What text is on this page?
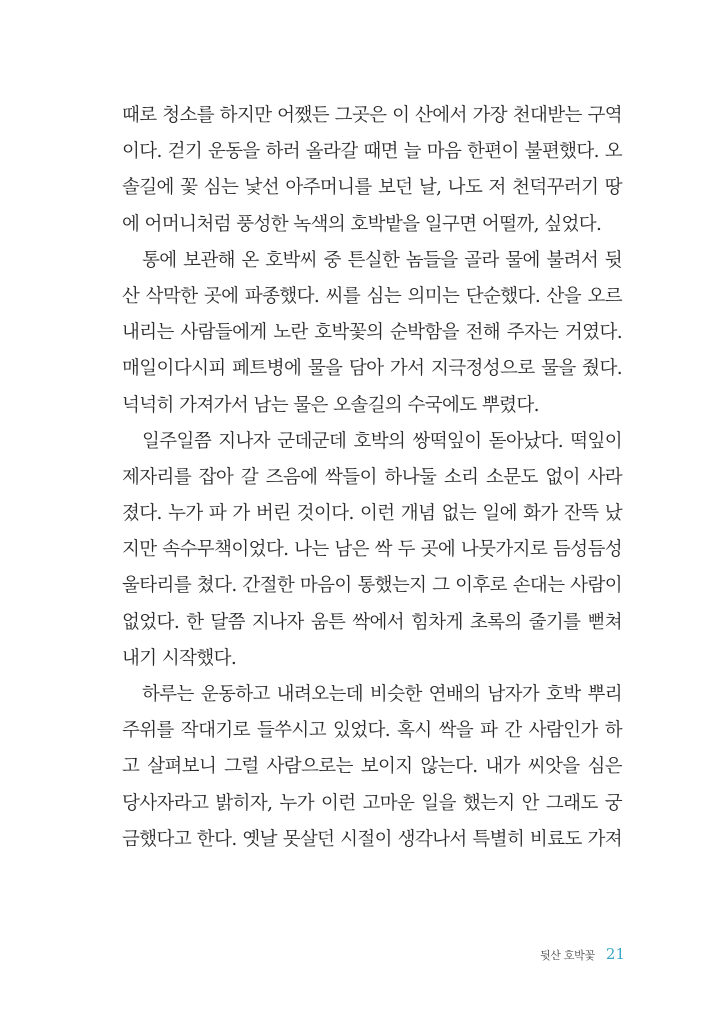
때로 청소를 하지만 어쨌든 그곳은 이 산에서 가장 천대받는 구역
이다. 걷기 운동을 하러 올라갈 때면 늘 마음 한편이 불편했다. 오
솔길에 꽃 심는 낯선 아주머니를 보던 날, 나도 저 천덕꾸러기 땅
에 어머니처럼 풍성한 녹색의 호박밭을 일구면 어떨까, 싶었다.
통에 보관해 온 호박씨 중 튼실한 놈들을 골라 물에 불려서 뒷
산 삭막한 곳에 파종했다. 씨를 심는 의미는 단순했다. 산을 오르
내리는 사람들에게 노란 호박꽃의 순박함을 전해 주자는 거였다.
매일이다시피 페트병에 물을 담아 가서 지극정성으로 물을 줬다.
넉넉히 가져가서 남는 물은 오솔길의 수국에도 뿌렸다.
일주일쯤 지나자 군데군데 호박의 쌍떡잎이 돋아났다. 떡잎이
제자리를 잡아 갈 즈음에 싹들이 하나둘 소리 소문도 없이 사라
졌다. 누가 파 가 버린 것이다. 이런 개념 없는 일에 화가 잔뜩 났
지만 속수무책이었다. 나는 남은 싹 두 곳에 나뭇가지로 듬성듬성
울타리를 쳤다. 간절한 마음이 통했는지 그 이후로 손대는 사람이
없었다. 한 달쯤 지나자 움튼 싹에서 힘차게 초록의 줄기를 뻗쳐
내기 시작했다.
하루는 운동하고 내려오는데 비슷한 연배의 남자가 호박 뿌리
주위를 작대기로 들쑤시고 있었다. 혹시 싹을 파 간 사람인가 하
고 살펴보니 그럴 사람으로는 보이지 않는다. 내가 씨앗을 심은
당사자라고 밝히자, 누가 이런 고마운 일을 했는지 안 그래도 궁
금했다고 한다. 옛날 못살던 시절이 생각나서 특별히 비료도 가져
뒷산 호박꽃 21
